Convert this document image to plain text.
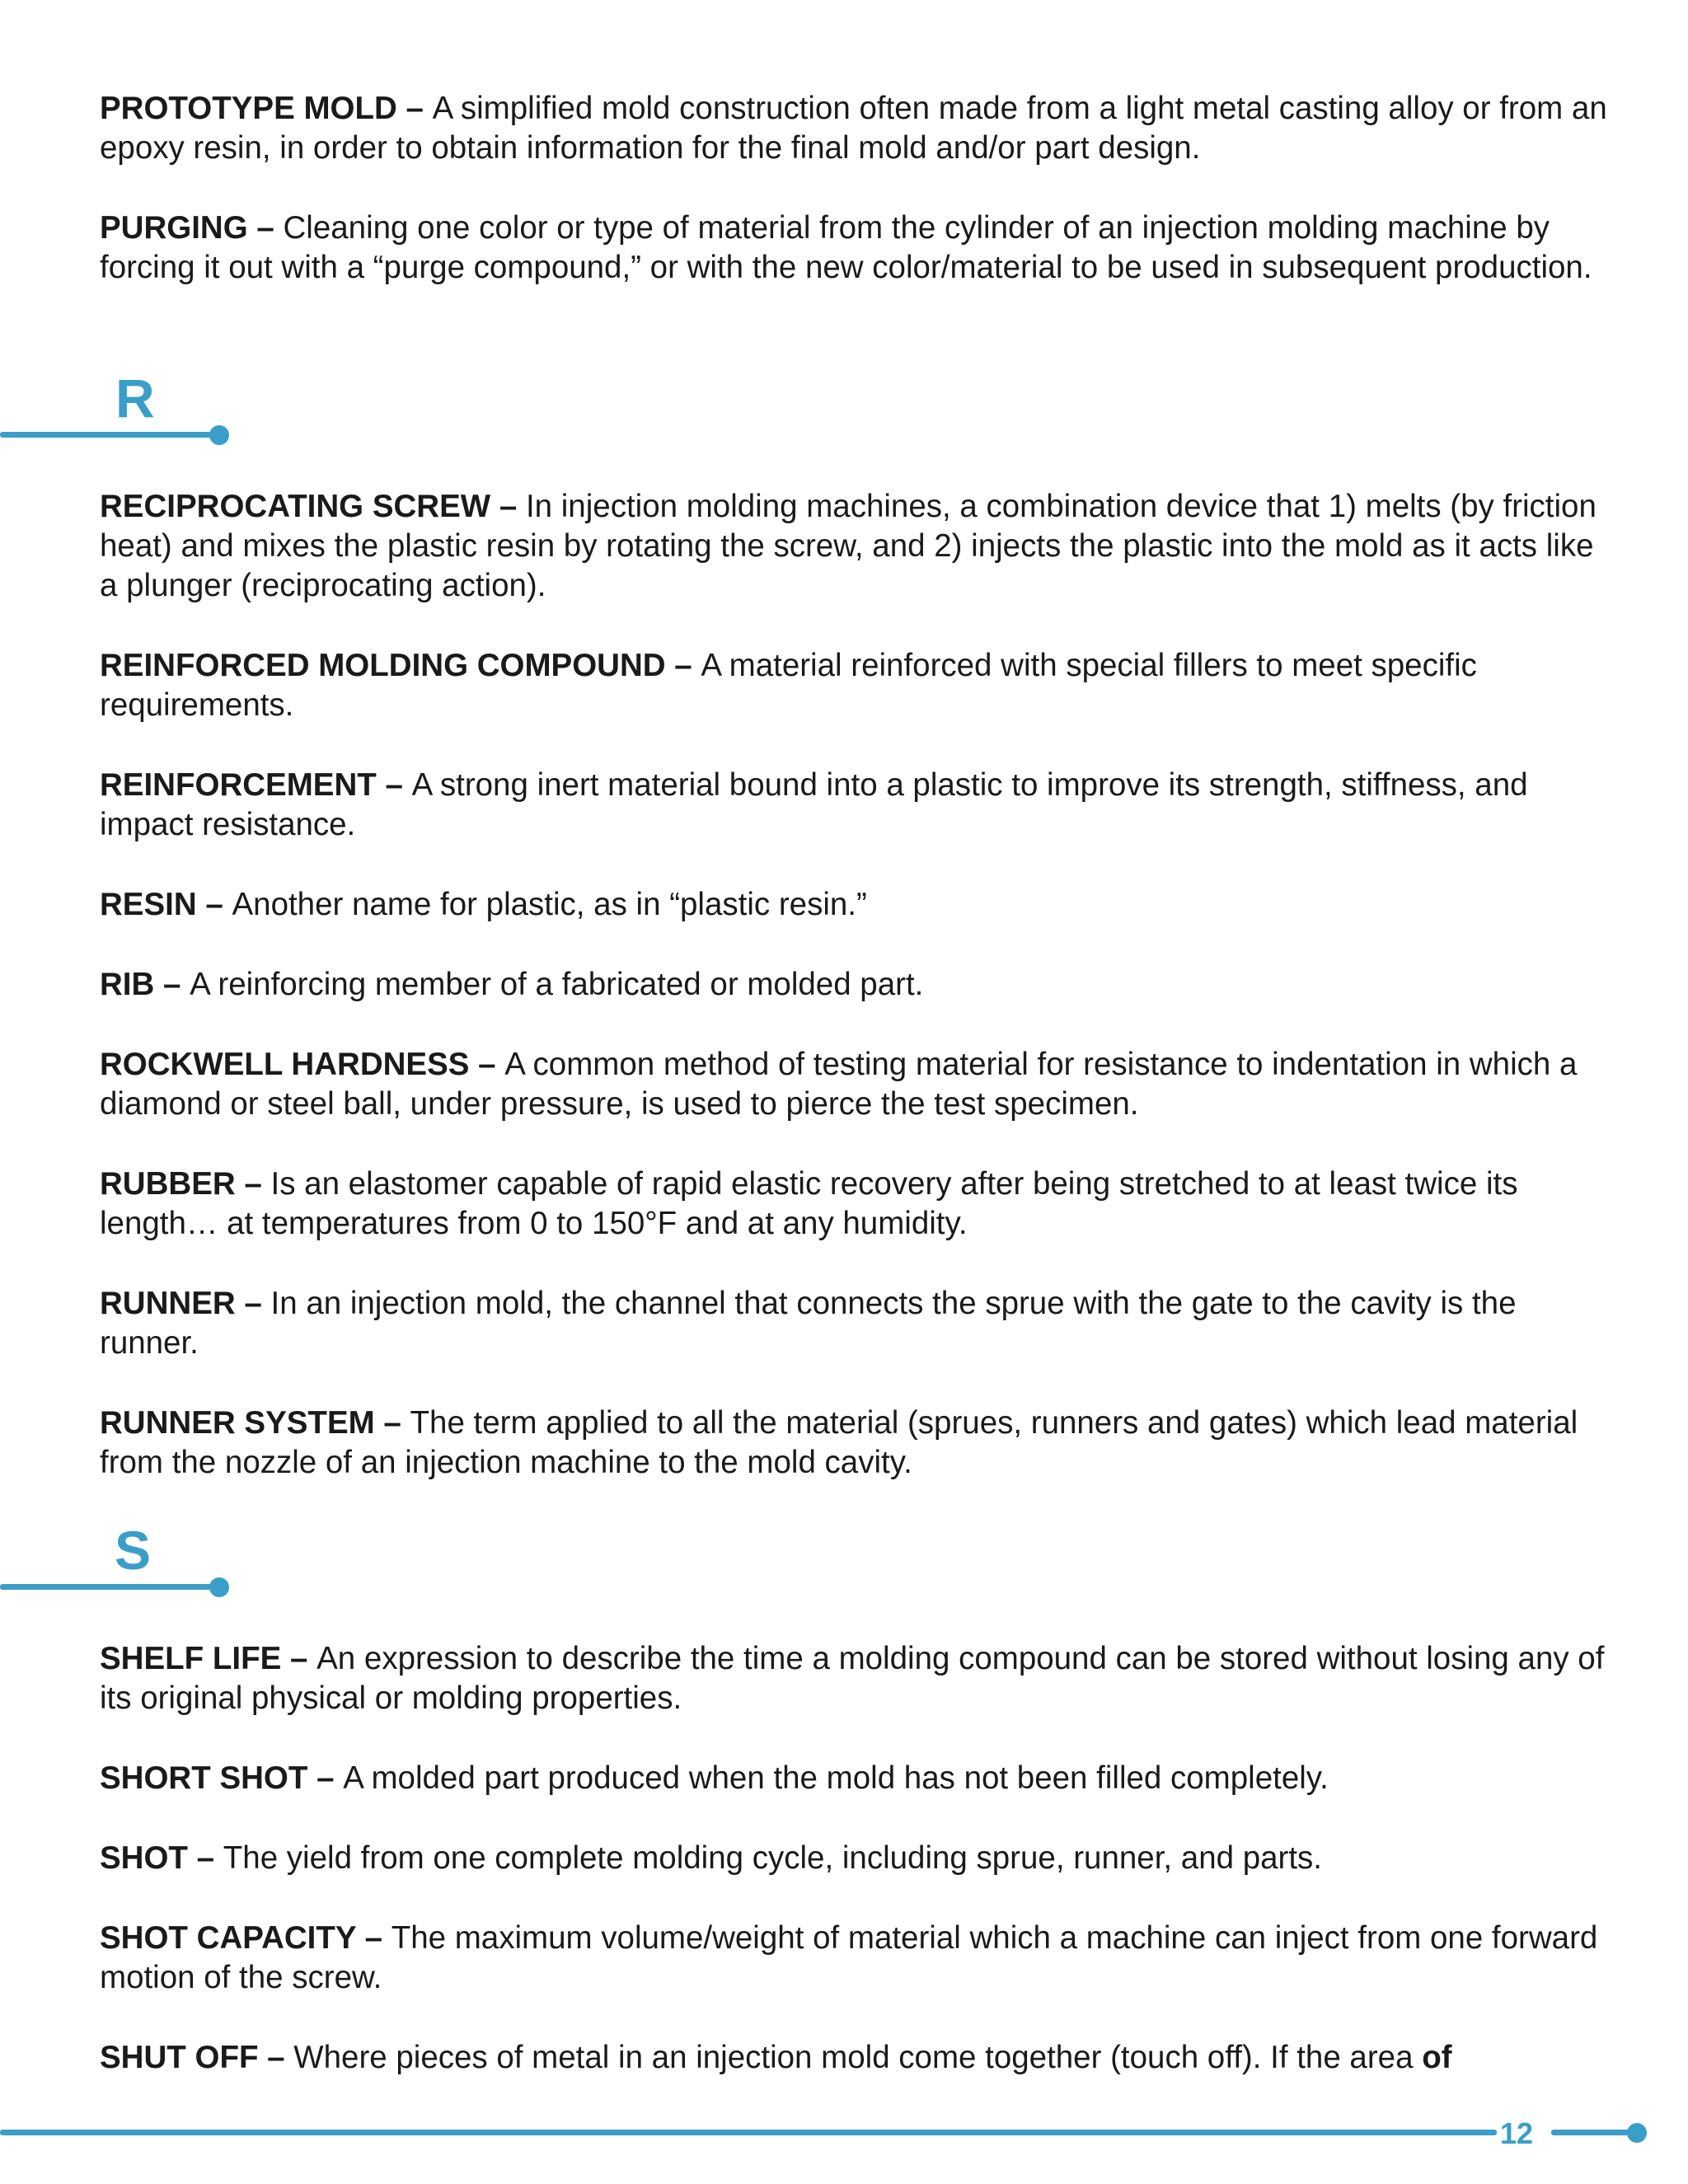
PROTOTYPE MOLD – A simplified mold construction often made from a light metal casting alloy or from an epoxy resin, in order to obtain information for the final mold and/or part design.

PURGING – Cleaning one color or type of material from the cylinder of an injection molding machine by forcing it out with a “purge compound,” or with the new color/material to be used in subsequent production.

R

RECIPROCATING SCREW – In injection molding machines, a combination device that 1) melts (by friction heat) and mixes the plastic resin by rotating the screw, and 2) injects the plastic into the mold as it acts like a plunger (reciprocating action).

REINFORCED MOLDING COMPOUND – A material reinforced with special fillers to meet specific requirements.

REINFORCEMENT – A strong inert material bound into a plastic to improve its strength, stiffness, and impact resistance.

RESIN – Another name for plastic, as in “plastic resin.”

RIB – A reinforcing member of a fabricated or molded part.

ROCKWELL HARDNESS – A common method of testing material for resistance to indentation in which a diamond or steel ball, under pressure, is used to pierce the test specimen.

RUBBER – Is an elastomer capable of rapid elastic recovery after being stretched to at least twice its length… at temperatures from 0 to 150°F and at any humidity.

RUNNER – In an injection mold, the channel that connects the sprue with the gate to the cavity is the runner.

RUNNER SYSTEM – The term applied to all the material (sprues, runners and gates) which lead material from the nozzle of an injection machine to the mold cavity.

S

SHELF LIFE – An expression to describe the time a molding compound can be stored without losing any of its original physical or molding properties.

SHORT SHOT – A molded part produced when the mold has not been filled completely.

SHOT – The yield from one complete molding cycle, including sprue, runner, and parts.

SHOT CAPACITY – The maximum volume/weight of material which a machine can inject from one forward motion of the screw.

SHUT OFF – Where pieces of metal in an injection mold come together (touch off). If the area of

12
